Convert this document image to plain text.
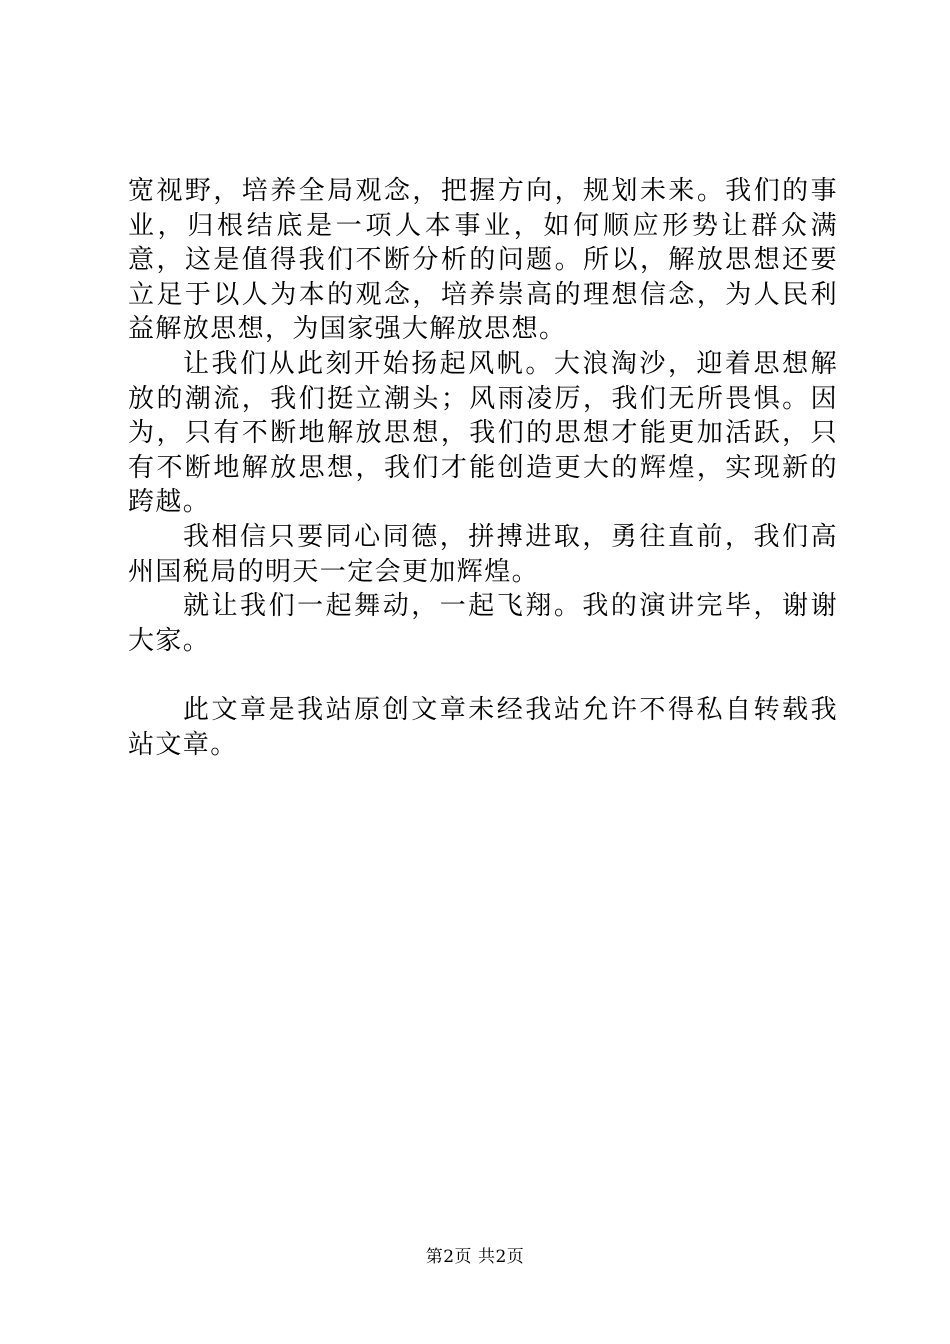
宽视野，培养全局观念，把握方向，规划未来。我们的事业，归根结底是一项人本事业，如何顺应形势让群众满意，这是值得我们不断分析的问题。所以，解放思想还要立足于以人为本的观念，培养崇高的理想信念，为人民利益解放思想，为国家强大解放思想。

让我们从此刻开始扬起风帆。大浪淘沙，迎着思想解放的潮流，我们挺立潮头；风雨凌厉，我们无所畏惧。因为，只有不断地解放思想，我们的思想才能更加活跃，只有不断地解放思想，我们才能创造更大的辉煌，实现新的跨越。

我相信只要同心同德，拼搏进取，勇往直前，我们高州国税局的明天一定会更加辉煌。

就让我们一起舞动，一起飞翔。我的演讲完毕，谢谢大家。

此文章是我站原创文章未经我站允许不得私自转载我站文章。

第2页 共2页
